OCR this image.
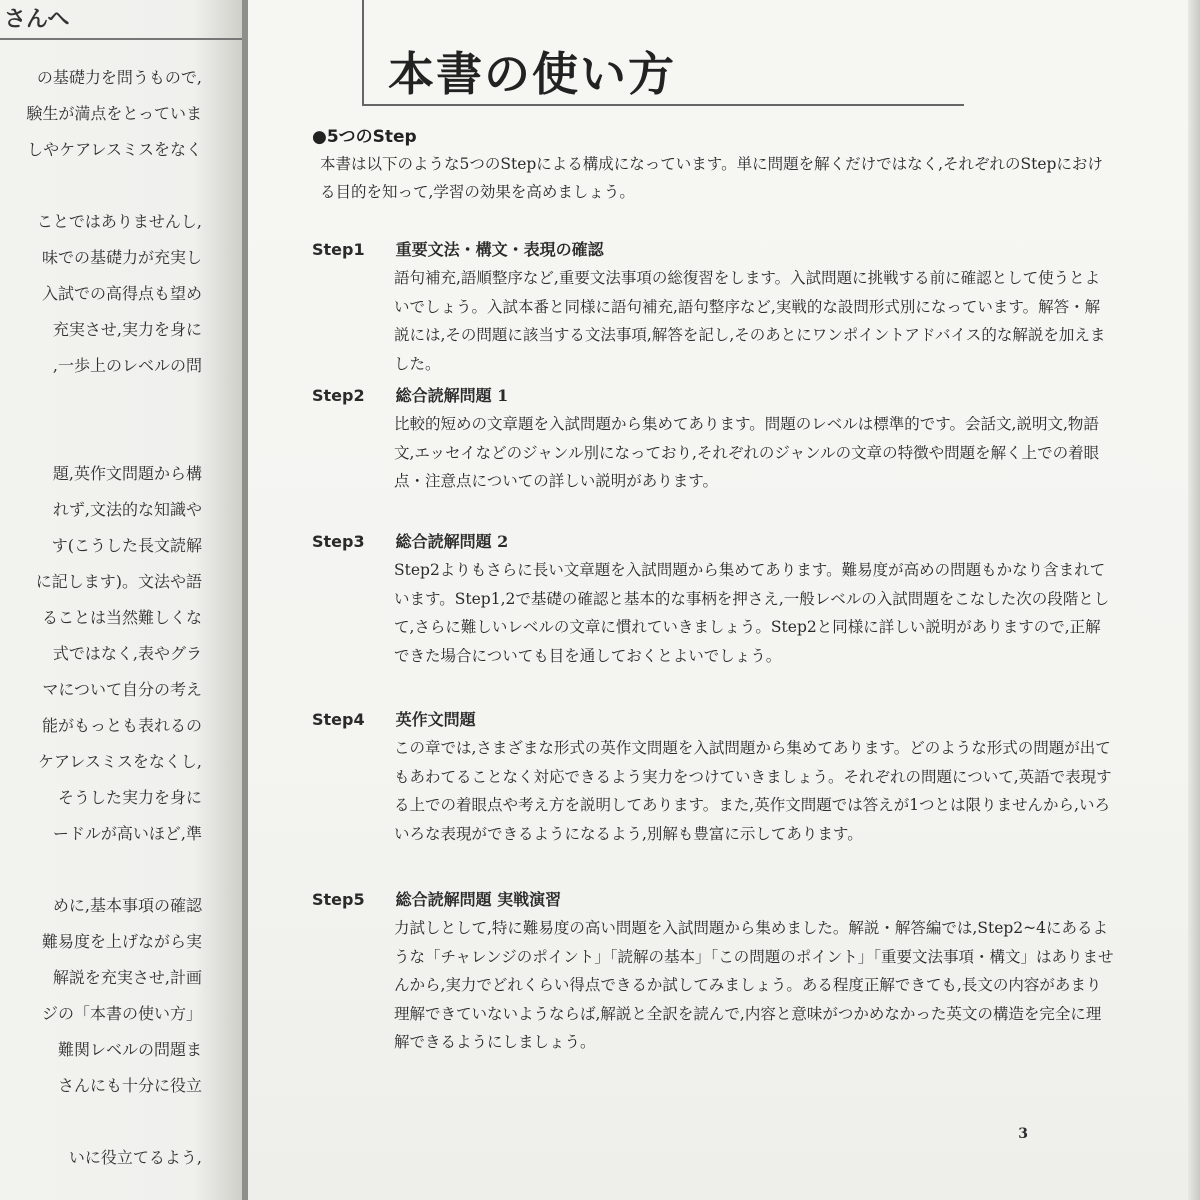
さんへ
の基礎力を問うもので,
験生が満点をとっていま
しやケアレスミスをなく
ことではありませんし,
味での基礎力が充実し
入試での高得点も望め
充実させ,実力を身に
,一歩上のレベルの問
題,英作文問題から構
れず,文法的な知識や
す(こうした長文読解
に記します)。文法や語
ることは当然難しくな
式ではなく,表やグラ
マについて自分の考え
能がもっとも表れるの
ケアレスミスをなくし,
そうした実力を身に
ードルが高いほど,準
めに,基本事項の確認
難易度を上げながら実
解説を充実させ,計画
ジの「本書の使い方」
難関レベルの問題ま
さんにも十分に役立
いに役立てるよう,
本書の使い方
●5つのStep
本書は以下のような5つのStepによる構成になっています。単に問題を解くだけではなく,それぞれのStepにおける目的を知って,学習の効果を高めましょう。
Step1 重要文法・構文・表現の確認
語句補充,語順整序など,重要文法事項の総復習をします。入試問題に挑戦する前に確認として使うとよいでしょう。入試本番と同様に語句補充,語句整序など,実戦的な設問形式別になっています。解答・解説には,その問題に該当する文法事項,解答を記し,そのあとにワンポイントアドバイス的な解説を加えました。
Step2 総合読解問題 1
比較的短めの文章題を入試問題から集めてあります。問題のレベルは標準的です。会話文,説明文,物語文,エッセイなどのジャンル別になっており,それぞれのジャンルの文章の特徴や問題を解く上での着眼点・注意点についての詳しい説明があります。
Step3 総合読解問題 2
Step2よりもさらに長い文章題を入試問題から集めてあります。難易度が高めの問題もかなり含まれています。Step1,2で基礎の確認と基本的な事柄を押さえ,一般レベルの入試問題をこなした次の段階として,さらに難しいレベルの文章に慣れていきましょう。Step2と同様に詳しい説明がありますので,正解できた場合についても目を通しておくとよいでしょう。
Step4 英作文問題
この章では,さまざまな形式の英作文問題を入試問題から集めてあります。どのような形式の問題が出てもあわてることなく対応できるよう実力をつけていきましょう。それぞれの問題について,英語で表現する上での着眼点や考え方を説明してあります。また,英作文問題では答えが1つとは限りませんから,いろいろな表現ができるようになるよう,別解も豊富に示してあります。
Step5 総合読解問題 実戦演習
力試しとして,特に難易度の高い問題を入試問題から集めました。解説・解答編では,Step2~4にあるような「チャレンジのポイント」「読解の基本」「この問題のポイント」「重要文法事項・構文」はありませんから,実力でどれくらい得点できるか試してみましょう。ある程度正解できても,長文の内容があまり理解できていないようならば,解説と全訳を読んで,内容と意味がつかめなかった英文の構造を完全に理解できるようにしましょう。
3
